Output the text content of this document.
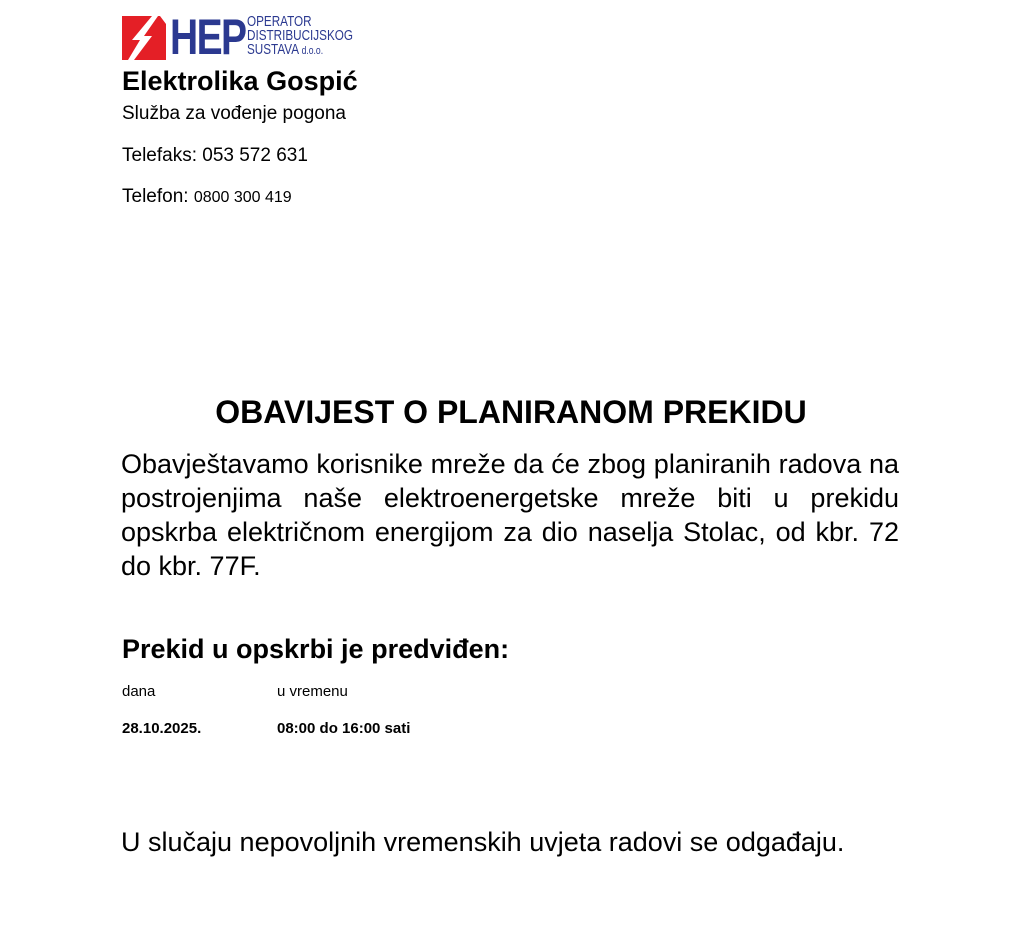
HEP OPERATOR
DISTRIBUCIJSKOG
SUSTAVA d.o.o.
Elektrolika Gospić
Služba za vođenje pogona
Telefaks: 053 572 631
Telefon: 0800 300 419
OBAVIJEST O PLANIRANOM PREKIDU
Obavještavamo korisnike mreže da će zbog planiranih radova na postrojenjima naše elektroenergetske mreže biti u prekidu opskrba električnom energijom za dio naselja Stolac, od kbr. 72 do kbr. 77F.
Prekid u opskrbi je predviđen:
dana	u vremenu
28.10.2025.	08:00 do 16:00 sati
U slučaju nepovoljnih vremenskih uvjeta radovi se odgađaju.
